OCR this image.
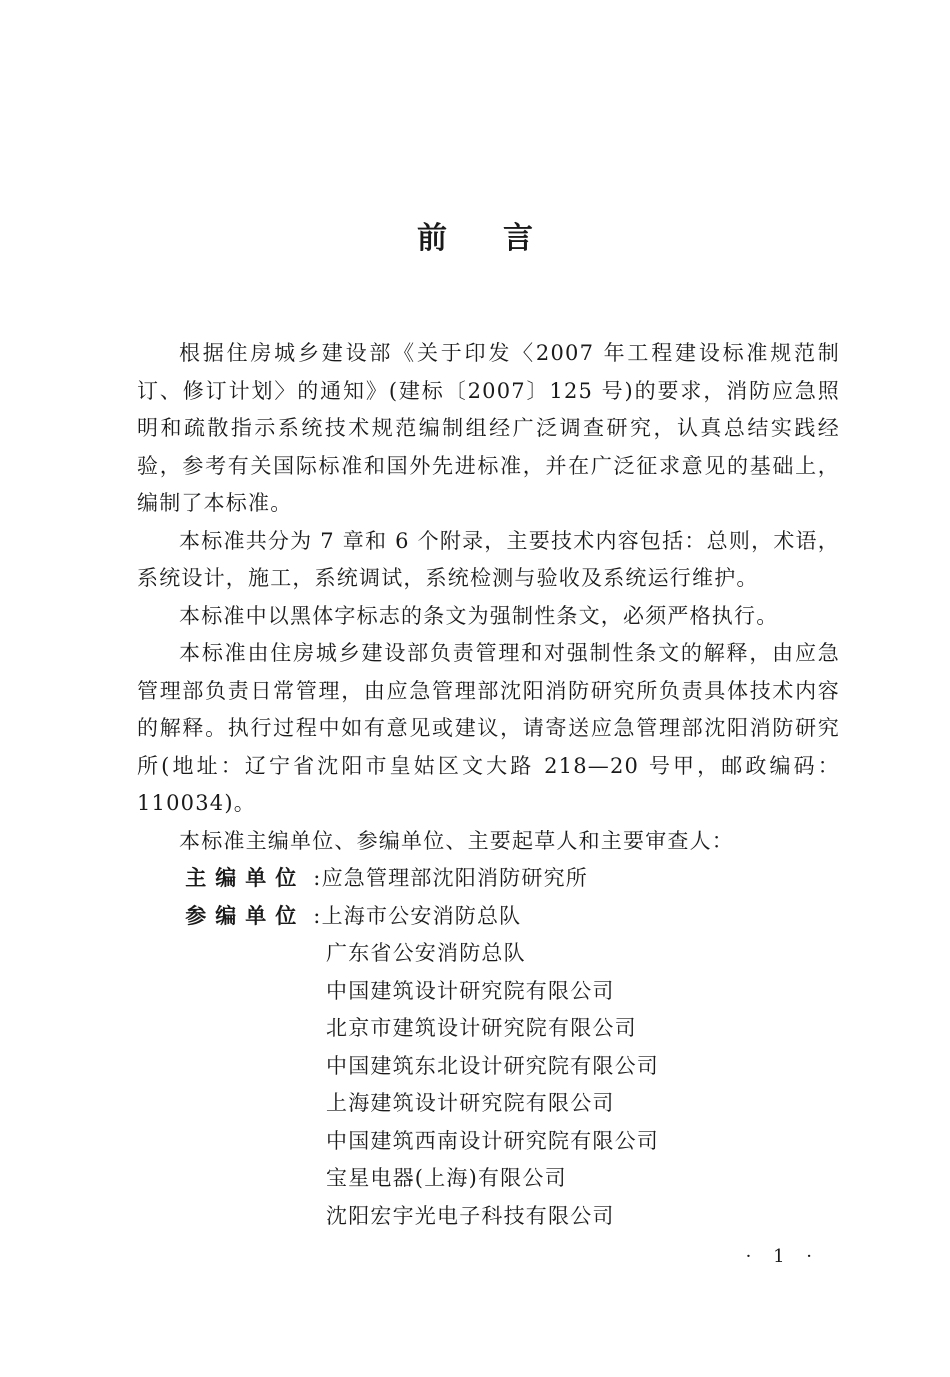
前言

根据住房城乡建设部《关于印发〈2007 年工程建设标准规范制订、修订计划〉的通知》(建标〔2007〕125 号)的要求，消防应急照明和疏散指示系统技术规范编制组经广泛调查研究，认真总结实践经验，参考有关国际标准和国外先进标准，并在广泛征求意见的基础上，编制了本标准。

本标准共分为 7 章和 6 个附录，主要技术内容包括：总则，术语，系统设计，施工，系统调试，系统检测与验收及系统运行维护。

本标准中以黑体字标志的条文为强制性条文，必须严格执行。

本标准由住房城乡建设部负责管理和对强制性条文的解释，由应急管理部负责日常管理，由应急管理部沈阳消防研究所负责具体技术内容的解释。执行过程中如有意见或建议，请寄送应急管理部沈阳消防研究所(地址：辽宁省沈阳市皇姑区文大路 218—20 号甲，邮政编码：110034)。

本标准主编单位、参编单位、主要起草人和主要审查人：

主编单位 : 应急管理部沈阳消防研究所
参编单位 : 上海市公安消防总队
广东省公安消防总队
中国建筑设计研究院有限公司
北京市建筑设计研究院有限公司
中国建筑东北设计研究院有限公司
上海建筑设计研究院有限公司
中国建筑西南设计研究院有限公司
宝星电器(上海)有限公司
沈阳宏宇光电子科技有限公司
· 1 ·
